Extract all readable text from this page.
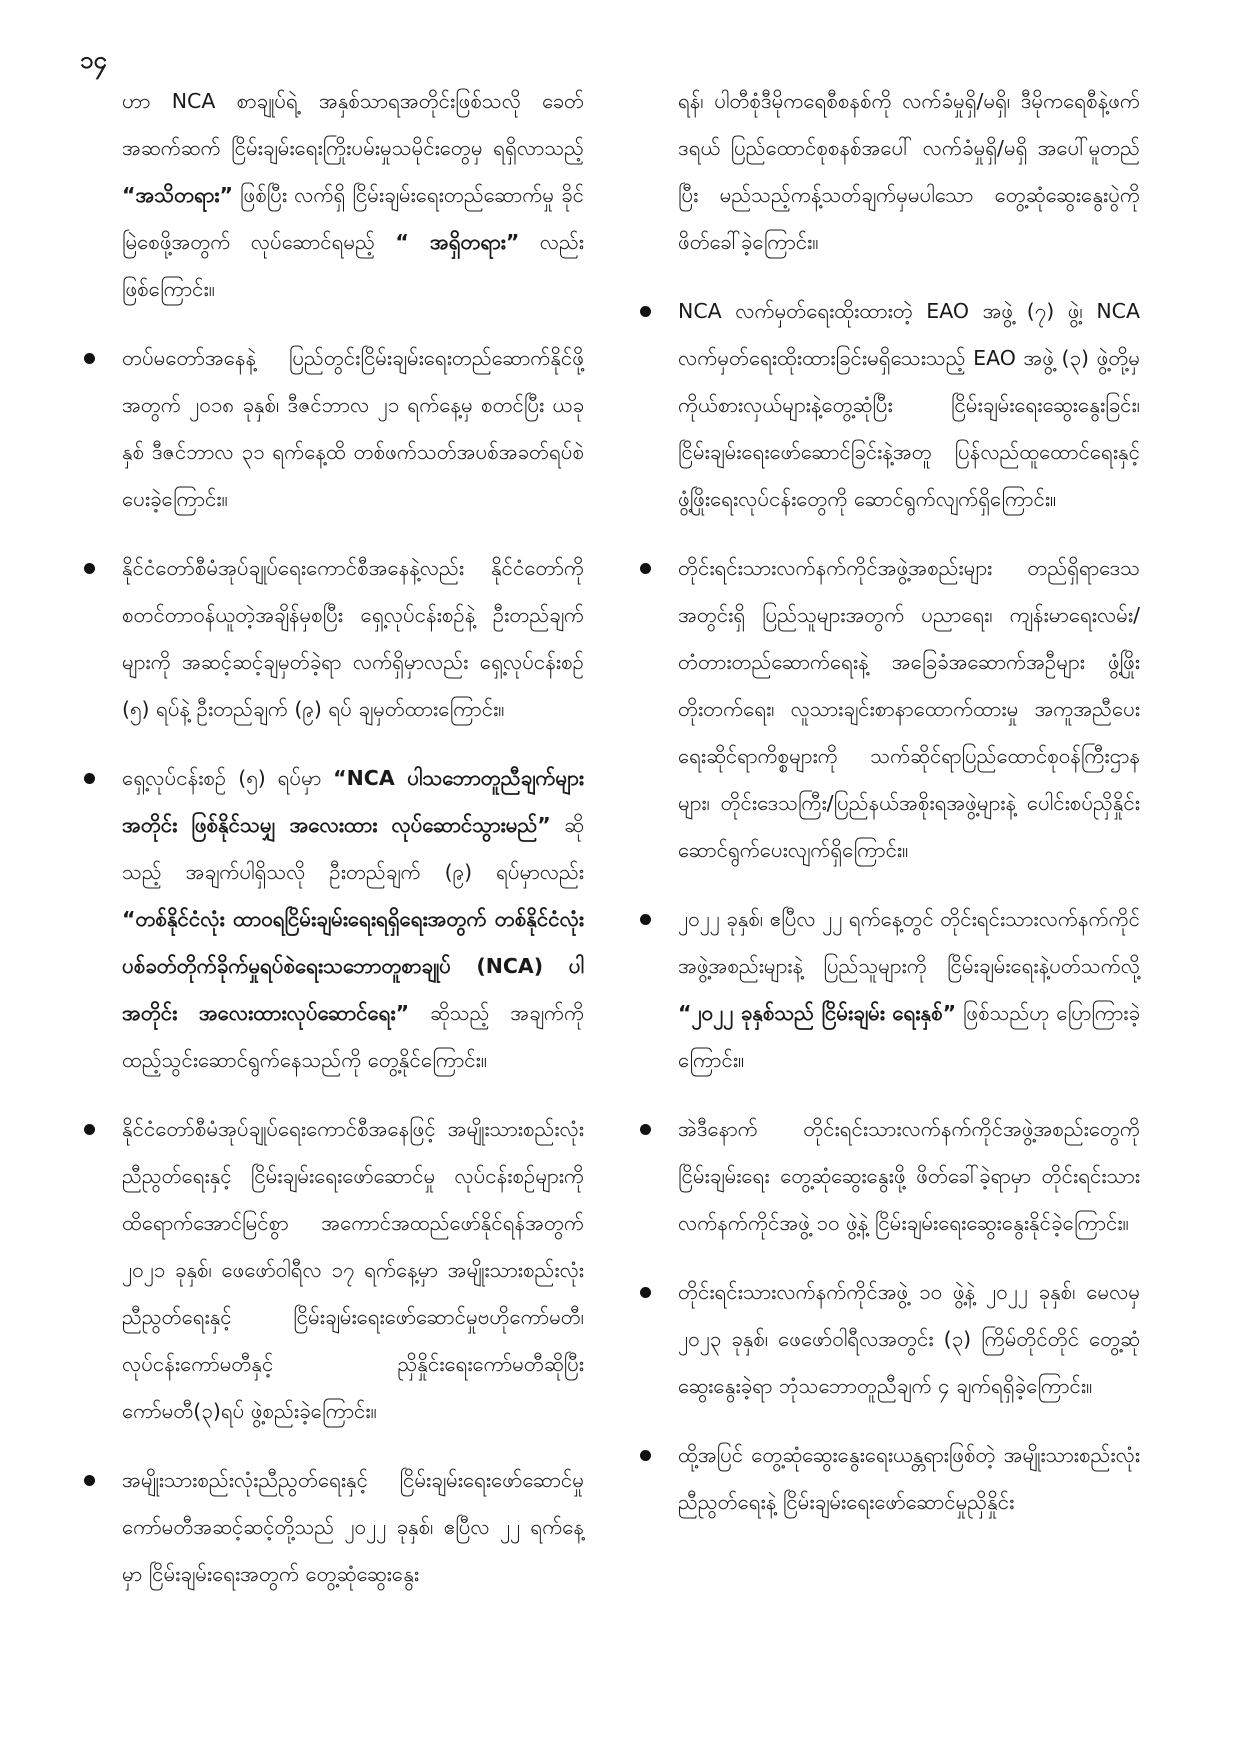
၁၄

ဟာ NCA စာချုပ်ရဲ့ အနှစ်သာရအတိုင်းဖြစ်သလို ခေတ်အဆက်ဆက် ငြိမ်းချမ်းရေးကြိုးပမ်းမှုသမိုင်းတွေမှ ရရှိလာသည့် “အသိတရား” ဖြစ်ပြီး လက်ရှိ ငြိမ်းချမ်းရေးတည်ဆောက်မှု ခိုင်မြဲစေဖို့အတွက် လုပ်ဆောင်ရမည့် “ အရှိတရား” လည်းဖြစ်ကြောင်း။

တပ်မတော်အနေနဲ့ ပြည်တွင်းငြိမ်းချမ်းရေးတည်ဆောက်နိုင်ဖို့အတွက် ၂၀၁၈ ခုနှစ်၊ ဒီဇင်ဘာလ ၂၁ ရက်နေ့မှ စတင်ပြီး ယခုနှစ် ဒီဇင်ဘာလ ၃၁ ရက်နေ့ထိ တစ်ဖက်သတ်အပစ်အခတ်ရပ်စဲပေးခဲ့ကြောင်း။

နိုင်ငံတော်စီမံအုပ်ချုပ်ရေးကောင်စီအနေနဲ့လည်း နိုင်ငံတော်ကို စတင်တာဝန်ယူတဲ့အချိန်မှစပြီး ရှေ့လုပ်ငန်းစဉ်နဲ့ ဦးတည်ချက်များကို အဆင့်ဆင့်ချမှတ်ခဲ့ရာ လက်ရှိမှာလည်း ရှေ့လုပ်ငန်းစဉ် (၅) ရပ်နဲ့ ဦးတည်ချက် (၉) ရပ် ချမှတ်ထားကြောင်း။

ရှေ့လုပ်ငန်းစဉ် (၅) ရပ်မှာ “NCA ပါသဘောတူညီချက်များအတိုင်း ဖြစ်နိုင်သမျှ အလေးထား လုပ်ဆောင်သွားမည်” ဆိုသည့် အချက်ပါရှိသလို ဦးတည်ချက် (၉) ရပ်မှာလည်း “တစ်နိုင်ငံလုံး ထာဝရငြိမ်းချမ်းရေးရရှိရေးအတွက် တစ်နိုင်ငံလုံး ပစ်ခတ်တိုက်ခိုက်မှုရပ်စဲရေးသဘောတူစာချုပ် (NCA) ပါအတိုင်း အလေးထားလုပ်ဆောင်ရေး” ဆိုသည့် အချက်ကို ထည့်သွင်းဆောင်ရွက်နေသည်ကို တွေ့နိုင်ကြောင်း။

နိုင်ငံတော်စီမံအုပ်ချုပ်ရေးကောင်စီအနေဖြင့် အမျိုးသားစည်းလုံးညီညွတ်ရေးနှင့် ငြိမ်းချမ်းရေးဖော်ဆောင်မှု လုပ်ငန်းစဉ်များကို ထိရောက်အောင်မြင်စွာ အကောင်အထည်ဖော်နိုင်ရန်အတွက် ၂၀၂၁ ခုနှစ်၊ ဖေဖော်ဝါရီလ ၁၇ ရက်နေ့မှာ အမျိုးသားစည်းလုံးညီညွတ်ရေးနှင့် ငြိမ်းချမ်းရေးဖော်ဆောင်မှုဗဟိုကော်မတီ၊ လုပ်ငန်းကော်မတီနှင့် ညှိနှိုင်းရေးကော်မတီဆိုပြီး ကော်မတီ(၃)ရပ် ဖွဲ့စည်းခဲ့ကြောင်း။

အမျိုးသားစည်းလုံးညီညွတ်ရေးနှင့် ငြိမ်းချမ်းရေးဖော်ဆောင်မှု ကော်မတီအဆင့်ဆင့်တို့သည် ၂၀၂၂ ခုနှစ်၊ ဧပြီလ ၂၂ ရက်နေ့မှာ ငြိမ်းချမ်းရေးအတွက် တွေ့ဆုံဆွေးနွေး

ရန်၊ ပါတီစုံဒီမိုကရေစီစနစ်ကို လက်ခံမှုရှိ/မရှိ၊ ဒီမိုကရေစီနဲ့ဖက်ဒရယ် ပြည်ထောင်စုစနစ်အပေါ် လက်ခံမှုရှိ/မရှိ အပေါ်မူတည်ပြီး မည်သည့်ကန့်သတ်ချက်မှမပါသော တွေ့ဆုံဆွေးနွေးပွဲကို ဖိတ်ခေါ်ခဲ့ကြောင်း။

NCA လက်မှတ်ရေးထိုးထားတဲ့ EAO အဖွဲ့ (၇) ဖွဲ့၊ NCA လက်မှတ်ရေးထိုးထားခြင်းမရှိသေးသည့် EAO အဖွဲ့ (၃) ဖွဲ့တို့မှ ကိုယ်စားလှယ်များနဲ့တွေ့ဆုံပြီး ငြိမ်းချမ်းရေးဆွေးနွေးခြင်း၊ ငြိမ်းချမ်းရေးဖော်ဆောင်ခြင်းနဲ့အတူ ပြန်လည်ထူထောင်ရေးနှင့် ဖွံ့ဖြိုးရေးလုပ်ငန်းတွေကို ဆောင်ရွက်လျက်ရှိကြောင်း။

တိုင်းရင်းသားလက်နက်ကိုင်အဖွဲ့အစည်းများ တည်ရှိရာဒေသအတွင်းရှိ ပြည်သူများအတွက် ပညာရေး၊ ကျန်းမာရေးလမ်း/တံတားတည်ဆောက်ရေးနဲ့ အခြေခံအဆောက်အဦများ ဖွံ့ဖြိုးတိုးတက်ရေး၊ လူသားချင်းစာနာထောက်ထားမှု အကူအညီပေးရေးဆိုင်ရာကိစ္စများကို သက်ဆိုင်ရာပြည်ထောင်စုဝန်ကြီးဌာနများ၊ တိုင်းဒေသကြီး/ပြည်နယ်အစိုးရအဖွဲ့များနဲ့ ပေါင်းစပ်ညှိနှိုင်း ဆောင်ရွက်ပေးလျက်ရှိကြောင်း။

၂၀၂၂ ခုနှစ်၊ ဧပြီလ ၂၂ ရက်နေ့တွင် တိုင်းရင်းသားလက်နက်ကိုင် အဖွဲ့အစည်းများနဲ့ ပြည်သူများကို ငြိမ်းချမ်းရေးနဲ့ပတ်သက်လို့ “၂၀၂၂ ခုနှစ်သည် ငြိမ်းချမ်း ရေးနှစ်” ဖြစ်သည်ဟု ပြောကြားခဲ့ကြောင်း။

အဲဒီနောက် တိုင်းရင်းသားလက်နက်ကိုင်အဖွဲ့အစည်းတွေကို ငြိမ်းချမ်းရေး တွေ့ဆုံဆွေးနွေးဖို့ ဖိတ်ခေါ်ခဲ့ရာမှာ တိုင်းရင်းသားလက်နက်ကိုင်အဖွဲ့ ၁၀ ဖွဲ့နဲ့ ငြိမ်းချမ်းရေးဆွေးနွေးနိုင်ခဲ့ကြောင်း။

တိုင်းရင်းသားလက်နက်ကိုင်အဖွဲ့ ၁၀ ဖွဲ့နဲ့ ၂၀၂၂ ခုနှစ်၊ မေလမှ ၂၀၂၃ ခုနှစ်၊ ဖေဖော်ဝါရီလအတွင်း (၃) ကြိမ်တိုင်တိုင် တွေ့ဆုံဆွေးနွေးခဲ့ရာ ဘုံသဘောတူညီချက် ၄ ချက်ရရှိခဲ့ကြောင်း။

ထို့အပြင် တွေ့ဆုံဆွေးနွေးရေးယန္တရားဖြစ်တဲ့ အမျိုးသားစည်းလုံးညီညွတ်ရေးနဲ့ ငြိမ်းချမ်းရေးဖော်ဆောင်မှုညှိနှိုင်း
